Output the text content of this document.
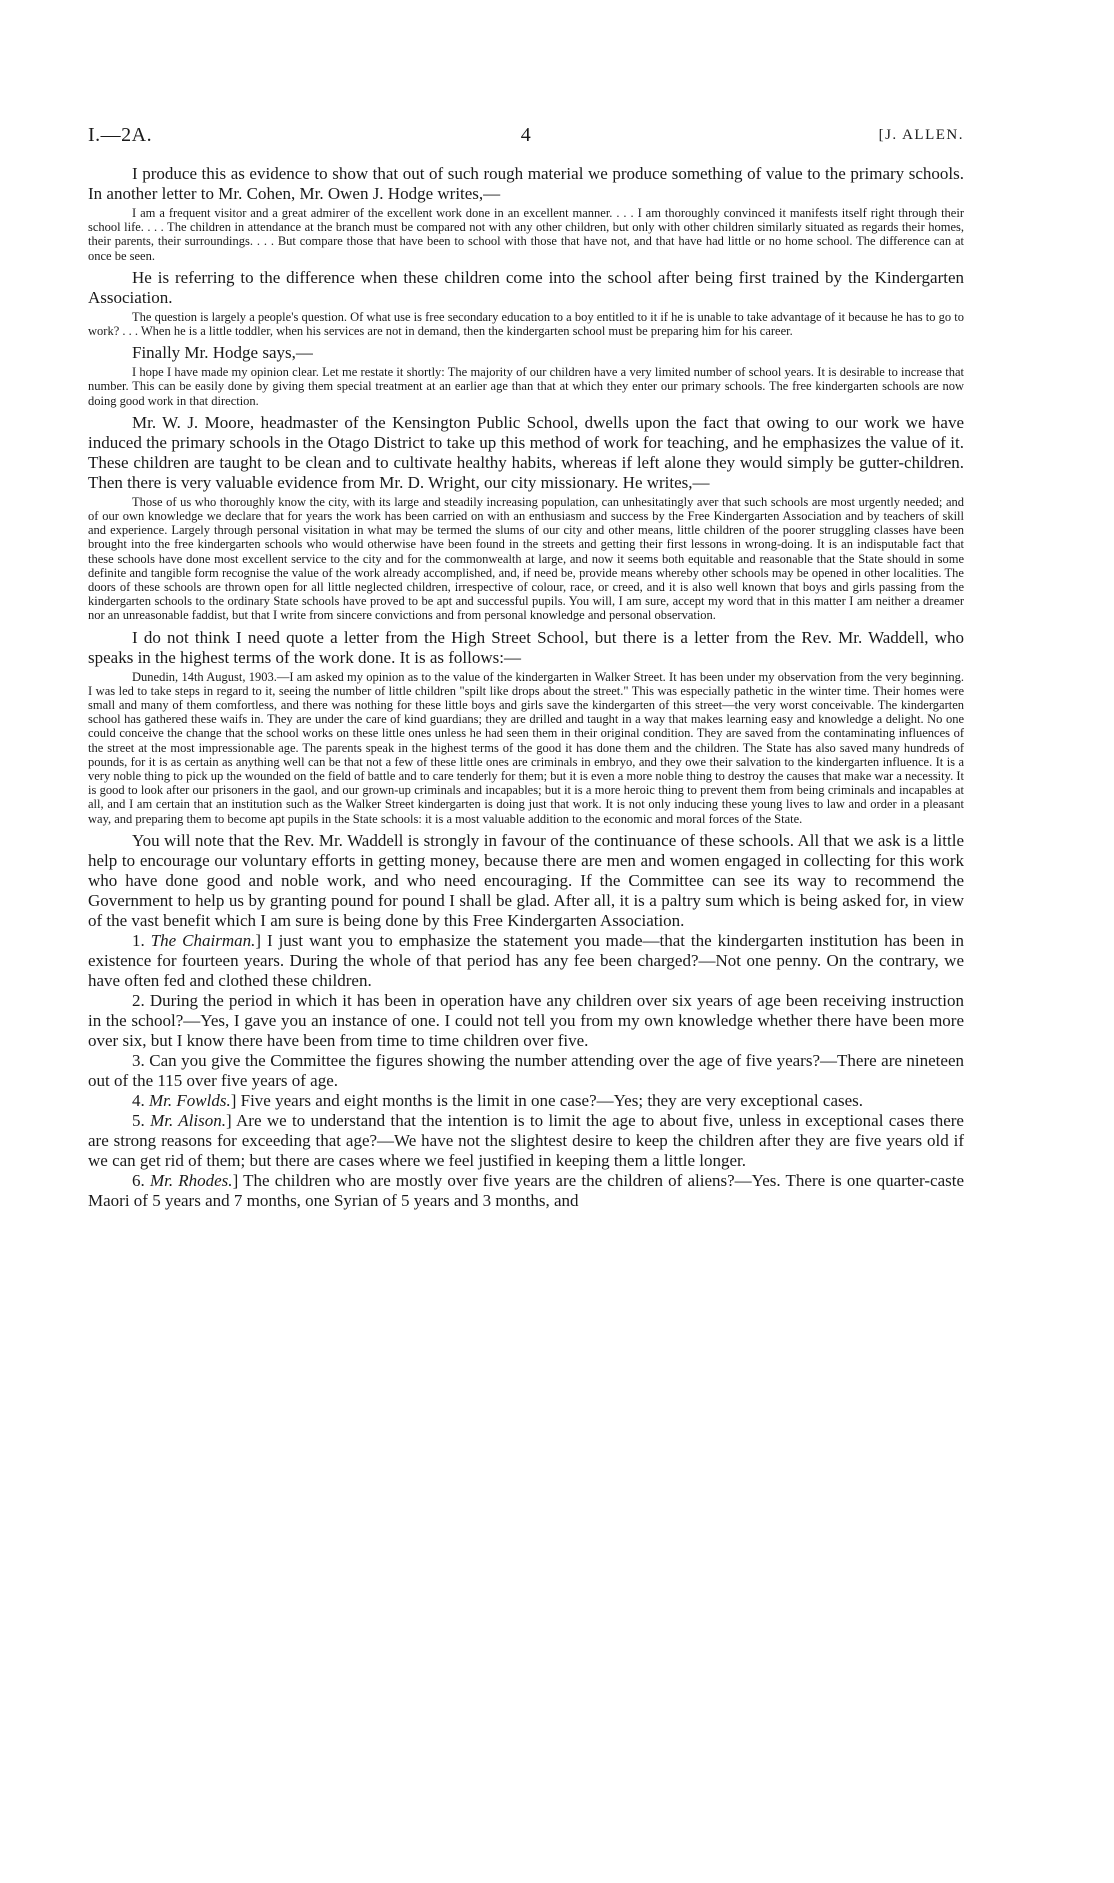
I.—2A.	4	[J. ALLEN.

I produce this as evidence to show that out of such rough material we produce something of value to the primary schools. In another letter to Mr. Cohen, Mr. Owen J. Hodge writes,—

I am a frequent visitor and a great admirer of the excellent work done in an excellent manner. . . . I am thoroughly convinced it manifests itself right through their school life. . . . The children in attendance at the branch must be compared not with any other children, but only with other children similarly situated as regards their homes, their parents, their surroundings. . . . But compare those that have been to school with those that have not, and that have had little or no home school. The difference can at once be seen.

He is referring to the difference when these children come into the school after being first trained by the Kindergarten Association.

The question is largely a people's question. Of what use is free secondary education to a boy entitled to it if he is unable to take advantage of it because he has to go to work? . . . When he is a little toddler, when his services are not in demand, then the kindergarten school must be preparing him for his career.

Finally Mr. Hodge says,—

I hope I have made my opinion clear. Let me restate it shortly: The majority of our children have a very limited number of school years. It is desirable to increase that number. This can be easily done by giving them special treatment at an earlier age than that at which they enter our primary schools. The free kindergarten schools are now doing good work in that direction.

Mr. W. J. Moore, headmaster of the Kensington Public School, dwells upon the fact that owing to our work we have induced the primary schools in the Otago District to take up this method of work for teaching, and he emphasizes the value of it. These children are taught to be clean and to cultivate healthy habits, whereas if left alone they would simply be gutter-children. Then there is very valuable evidence from Mr. D. Wright, our city missionary. He writes,—

Those of us who thoroughly know the city, with its large and steadily increasing population, can unhesitatingly aver that such schools are most urgently needed; and of our own knowledge we declare that for years the work has been carried on with an enthusiasm and success by the Free Kindergarten Association and by teachers of skill and experience. Largely through personal visitation in what may be termed the slums of our city and other means, little children of the poorer struggling classes have been brought into the free kindergarten schools who would otherwise have been found in the streets and getting their first lessons in wrong-doing. It is an indisputable fact that these schools have done most excellent service to the city and for the commonwealth at large, and now it seems both equitable and reasonable that the State should in some definite and tangible form recognise the value of the work already accomplished, and, if need be, provide means whereby other schools may be opened in other localities. The doors of these schools are thrown open for all little neglected children, irrespective of colour, race, or creed, and it is also well known that boys and girls passing from the kindergarten schools to the ordinary State schools have proved to be apt and successful pupils. You will, I am sure, accept my word that in this matter I am neither a dreamer nor an unreasonable faddist, but that I write from sincere convictions and from personal knowledge and personal observation.

I do not think I need quote a letter from the High Street School, but there is a letter from the Rev. Mr. Waddell, who speaks in the highest terms of the work done. It is as follows:—

Dunedin, 14th August, 1903.—I am asked my opinion as to the value of the kindergarten in Walker Street. It has been under my observation from the very beginning. I was led to take steps in regard to it, seeing the number of little children "spilt like drops about the street." This was especially pathetic in the winter time. Their homes were small and many of them comfortless, and there was nothing for these little boys and girls save the kindergarten of this street—the very worst conceivable. The kindergarten school has gathered these waifs in. They are under the care of kind guardians; they are drilled and taught in a way that makes learning easy and knowledge a delight. No one could conceive the change that the school works on these little ones unless he had seen them in their original condition. They are saved from the contaminating influences of the street at the most impressionable age. The parents speak in the highest terms of the good it has done them and the children. The State has also saved many hundreds of pounds, for it is as certain as anything well can be that not a few of these little ones are criminals in embryo, and they owe their salvation to the kindergarten influence. It is a very noble thing to pick up the wounded on the field of battle and to care tenderly for them; but it is even a more noble thing to destroy the causes that make war a necessity. It is good to look after our prisoners in the gaol, and our grown-up criminals and incapables; but it is a more heroic thing to prevent them from being criminals and incapables at all, and I am certain that an institution such as the Walker Street kindergarten is doing just that work. It is not only inducing these young lives to law and order in a pleasant way, and preparing them to become apt pupils in the State schools: it is a most valuable addition to the economic and moral forces of the State.

You will note that the Rev. Mr. Waddell is strongly in favour of the continuance of these schools. All that we ask is a little help to encourage our voluntary efforts in getting money, because there are men and women engaged in collecting for this work who have done good and noble work, and who need encouraging. If the Committee can see its way to recommend the Government to help us by granting pound for pound I shall be glad. After all, it is a paltry sum which is being asked for, in view of the vast benefit which I am sure is being done by this Free Kindergarten Association.

1. The Chairman.] I just want you to emphasize the statement you made—that the kindergarten institution has been in existence for fourteen years. During the whole of that period has any fee been charged?—Not one penny. On the contrary, we have often fed and clothed these children.

2. During the period in which it has been in operation have any children over six years of age been receiving instruction in the school?—Yes, I gave you an instance of one. I could not tell you from my own knowledge whether there have been more over six, but I know there have been from time to time children over five.

3. Can you give the Committee the figures showing the number attending over the age of five years?—There are nineteen out of the 115 over five years of age.

4. Mr. Fowlds.] Five years and eight months is the limit in one case?—Yes; they are very exceptional cases.

5. Mr. Alison.] Are we to understand that the intention is to limit the age to about five, unless in exceptional cases there are strong reasons for exceeding that age?—We have not the slightest desire to keep the children after they are five years old if we can get rid of them; but there are cases where we feel justified in keeping them a little longer.

6. Mr. Rhodes.] The children who are mostly over five years are the children of aliens?—Yes. There is one quarter-caste Maori of 5 years and 7 months, one Syrian of 5 years and 3 months, and
